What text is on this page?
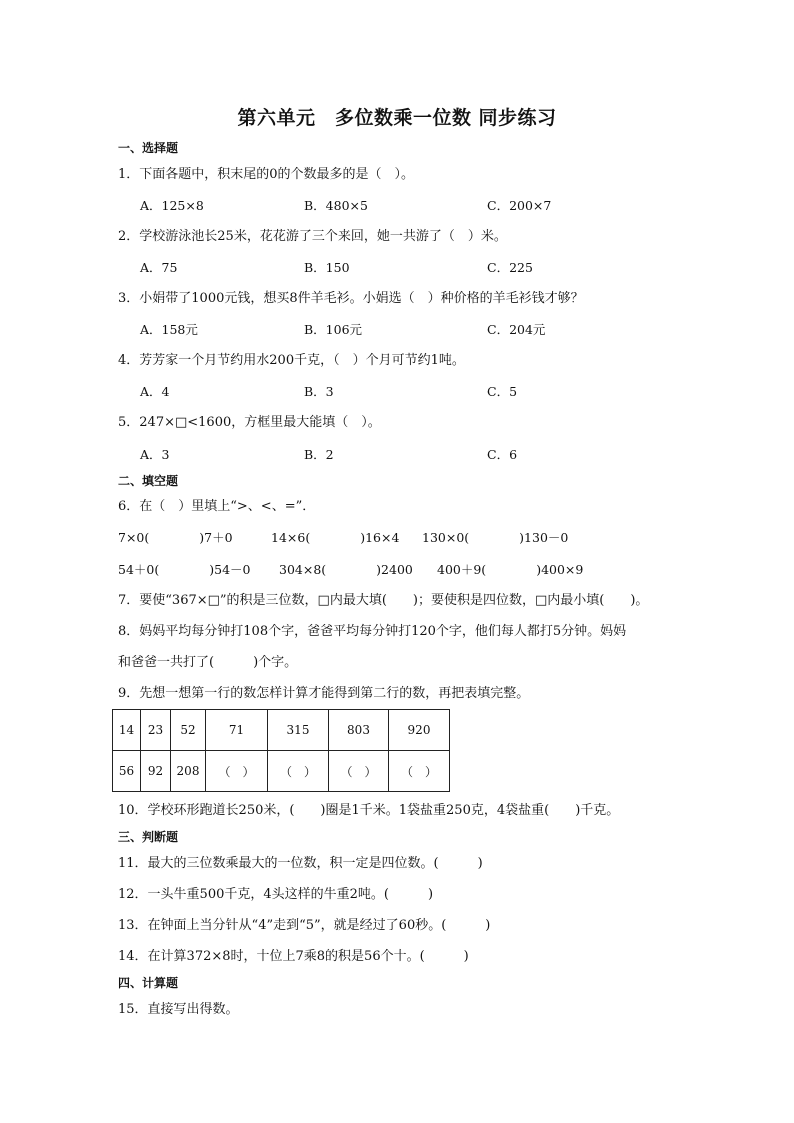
第六单元　多位数乘一位数 同步练习
一、选择题
1．下面各题中，积末尾的0的个数最多的是（　）。
A．125×8	B．480×5	C．200×7
2．学校游泳池长25米，花花游了三个来回，她一共游了（　）米。
A．75	B．150	C．225
3．小娟带了1000元钱，想买8件羊毛衫。小娟选（　）种价格的羊毛衫钱才够？
A．158元	B．106元	C．204元
4．芳芳家一个月节约用水200千克，（　）个月可节约1吨。
A．4	B．3	C．5
5．247×□<1600，方框里最大能填（　）。
A．3	B．2	C．6
二、填空题
6．在（　）里填上“>、<、=”．
7×0(　　　　)7＋0	14×6(　　　　)16×4 130×0(　　　　)130－0
54＋0(　　　　)54－0 304×8(　　　　)2400 400＋9(　　　　)400×9
7．要使“367×□”的积是三位数，□内最大填(　　)；要使积是四位数，□内最小填(　　)。
8．妈妈平均每分钟打108个字，爸爸平均每分钟打120个字，他们每人都打5分钟。妈妈
和爸爸一共打了(　　　)个字。
9．先想一想第一行的数怎样计算才能得到第二行的数，再把表填完整。
14	23	52	71	315	803	920
56	92	208	（　）	（　）	（　）	（　）
10．学校环形跑道长250米，(　　)圈是1千米。1袋盐重250克，4袋盐重(　　)千克。
三、判断题
11．最大的三位数乘最大的一位数，积一定是四位数。(　　　)
12．一头牛重500千克，4头这样的牛重2吨。(　　　)
13．在钟面上当分针从“4”走到“5”，就是经过了60秒。(　　　)
14．在计算372×8时，十位上7乘8的积是56个十。(　　　)
四、计算题
15．直接写出得数。
